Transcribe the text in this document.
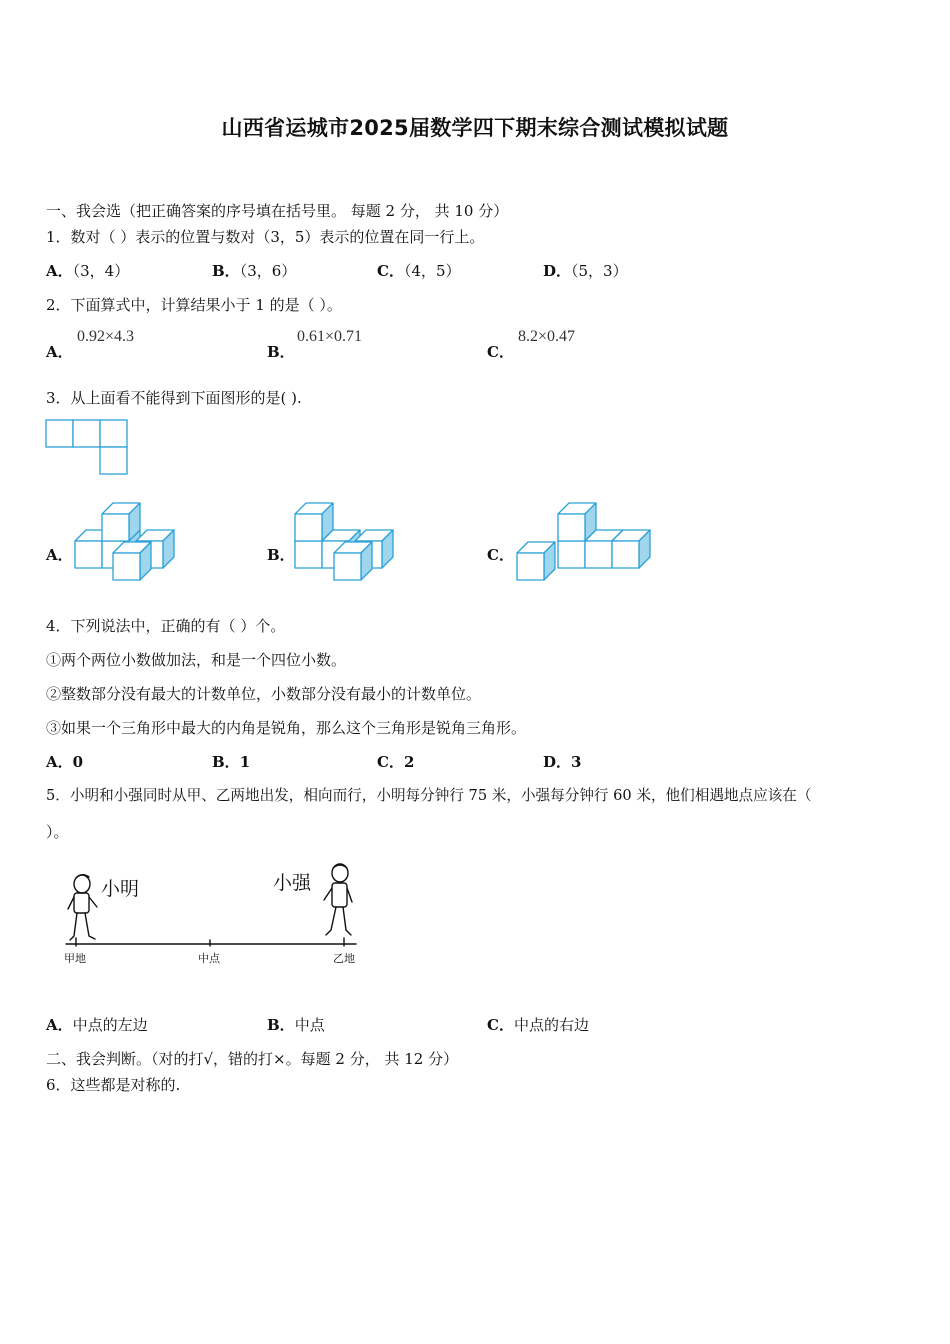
山西省运城市2025届数学四下期末综合测试模拟试题
一、我会选（把正确答案的序号填在括号里。 每题 2 分， 共 10 分）
1．数对（ ）表示的位置与数对（3，5）表示的位置在同一行上。
A．（3，4）	B．（3，6）	C．（4，5）	D．（5，3）
2．下面算式中，计算结果小于 1 的是（ ）。
A．
0.92×4.3
B．
0.61×0.71
C．
8.2×0.47
3．从上面看不能得到下面图形的是( ).
A．	B．	C．
4．下列说法中，正确的有（ ）个。
①两个两位小数做加法，和是一个四位小数。
②整数部分没有最大的计数单位，小数部分没有最小的计数单位。
③如果一个三角形中最大的内角是锐角，那么这个三角形是锐角三角形。
A．0	B．1	C．2	D．3
5．小明和小强同时从甲、乙两地出发，相向而行，小明每分钟行 75 米，小强每分钟行 60 米，他们相遇地点应该在（
）。
小明	小强
甲地	中点	乙地
A．中点的左边	B．中点	C．中点的右边
二、我会判断。（对的打√，错的打×。每题 2 分， 共 12 分）
6．这些都是对称的.
